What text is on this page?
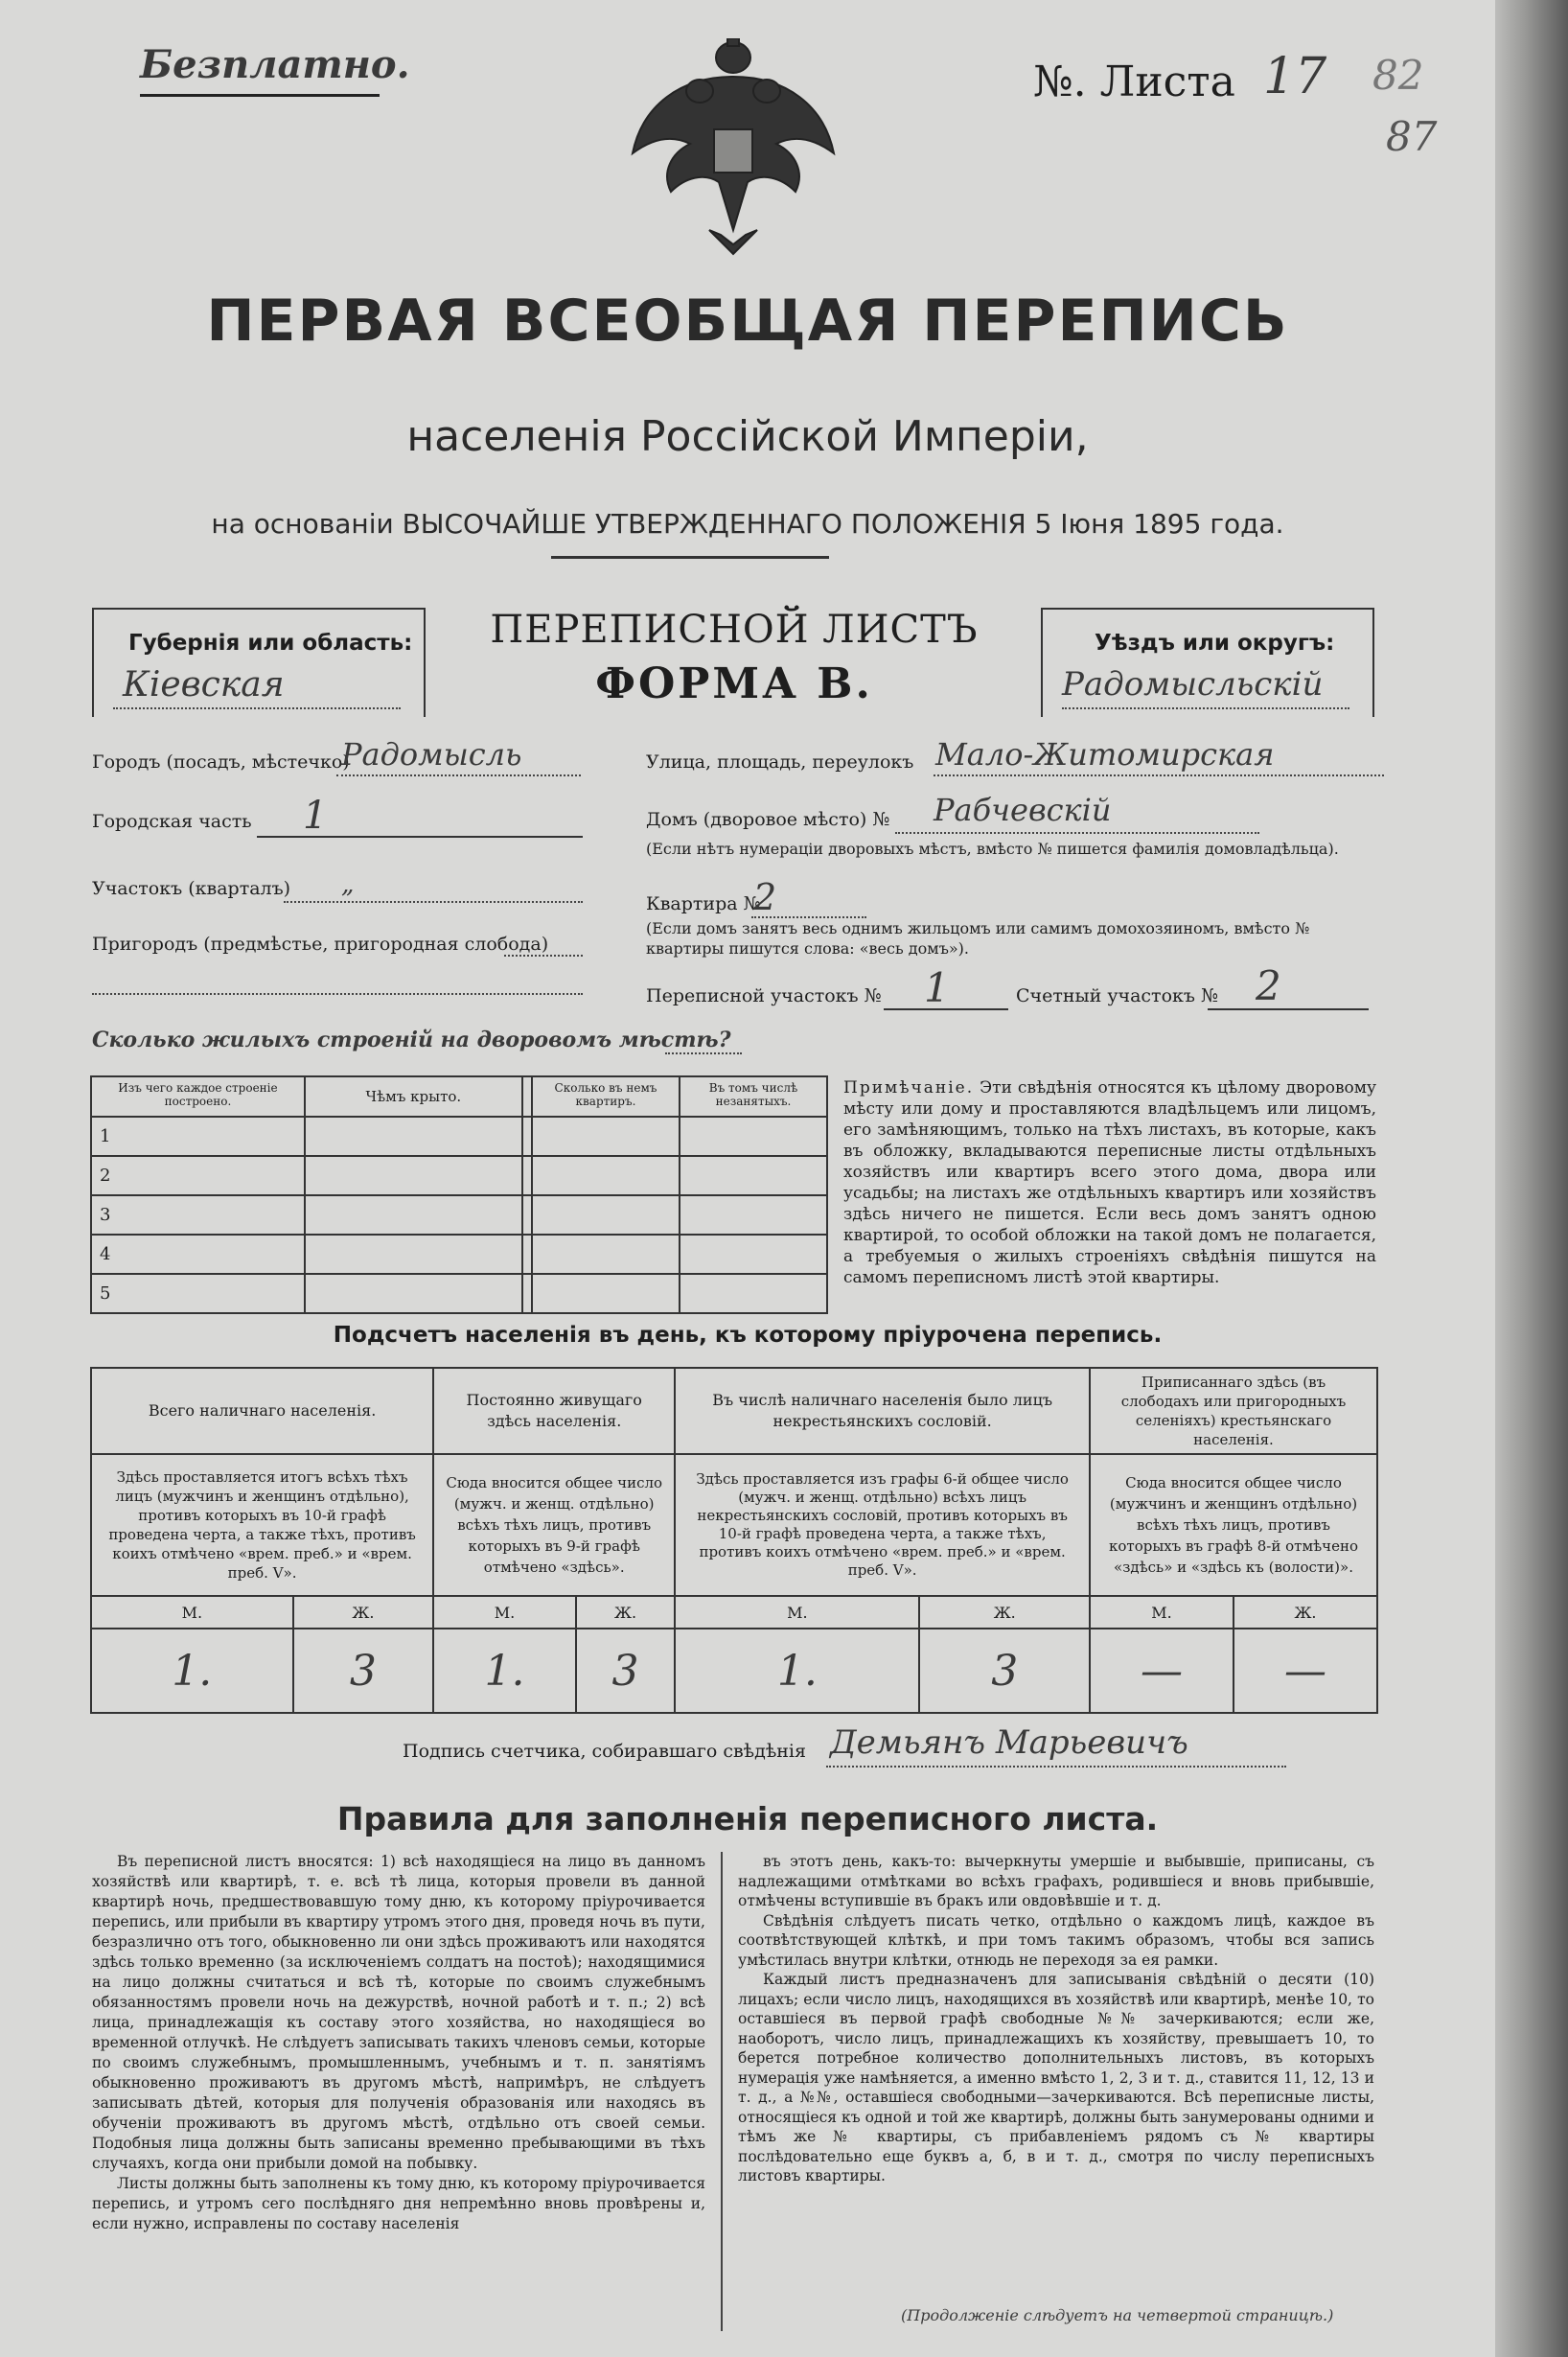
Безплатно.	№. Листа 17 82
87
ПЕРВАЯ ВСЕОБЩАЯ ПЕРЕПИСЬ
населенія Россійской Имперіи,
на основаніи ВЫСОЧАЙШЕ УТВЕРЖДЕННАГО ПОЛОЖЕНІЯ 5 Іюня 1895 года.
Губернія или область:
Кіевская
ПЕРЕПИСНОЙ ЛИСТЪ
ФОРМА В.
Уѣздъ или округъ:
Радомысльскій
Городъ (посадъ, мѣстечко)
Радомысль
Городская часть 1
Участокъ (кварталъ) „
Пригородъ (предмѣстье, пригородная слобода)
Улица, площадь, переулокъ Мало-Житомирская
Домъ (дворовое мѣсто) № Рабчевскій
(Если нѣтъ нумераціи дворовыхъ мѣстъ, вмѣсто № пишется фамилія домовладѣльца).
Квартира №
2
(Если домъ занятъ весь однимъ жильцомъ или самимъ домохозяиномъ, вмѣсто № квартиры пишутся слова: «весь домъ»).
Переписной участокъ № 1	Счетный участокъ № 2
Сколько жилыхъ строеній на дворовомъ мѣстѣ?
Изъ чего каждое строеніе построено.	Чѣмъ крыто.		Сколько въ немъ квартиръ.	Въ томъ числѣ незанятыхъ.
1				
2				
3				
4				
5				
Примѣчаніе. Эти свѣдѣнія относятся къ цѣлому дворовому мѣсту или дому и проставляются владѣльцемъ или лицомъ, его замѣняющимъ, только на тѣхъ листахъ, въ которые, какъ въ обложку, вкладываются переписные листы отдѣльныхъ хозяйствъ или квартиръ всего этого дома, двора или усадьбы; на листахъ же отдѣльныхъ квартиръ или хозяйствъ здѣсь ничего не пишется. Если весь домъ занятъ одною квартирой, то особой обложки на такой домъ не полагается, а требуемыя о жилыхъ строеніяхъ свѣдѣнія пишутся на самомъ переписномъ листѣ этой квартиры.
Подсчетъ населенія въ день, къ которому пріурочена перепись.
Всего наличнаго населенія.		Постоянно живущаго здѣсь населенія.		Въ числѣ наличнаго населенія было лицъ некрестьянскихъ сословій.		Приписаннаго здѣсь (въ слободахъ или пригородныхъ селеніяхъ) крестьянскаго населенія.	
Здѣсь проставляется итогъ всѣхъ тѣхъ лицъ (мужчинъ и женщинъ отдѣльно), противъ которыхъ въ 10-й графѣ проведена черта, а также тѣхъ, противъ коихъ отмѣчено «врем. преб.» и «врем. преб. V».		Сюда вносится общее число (мужч. и женщ. отдѣльно) всѣхъ тѣхъ лицъ, противъ которыхъ въ 9-й графѣ отмѣчено «здѣсь».		Здѣсь проставляется изъ графы 6-й общее число (мужч. и женщ. отдѣльно) всѣхъ лицъ некрестьянскихъ сословій, противъ которыхъ въ 10-й графѣ проведена черта, а также тѣхъ, противъ коихъ отмѣчено «врем. преб.» и «врем. преб. V».		Сюда вносится общее число (мужчинъ и женщинъ отдѣльно) всѣхъ тѣхъ лицъ, противъ которыхъ въ графѣ 8-й отмѣчено «здѣсь» и «здѣсь къ (волости)».	
М.	Ж.	М.	Ж.	М.	Ж.	М.	Ж.
1.	3	1.	3	1.	3	—	—
Подпись счетчика, собиравшаго свѣдѣнія Демьянъ Марьевичъ
Правила для заполненія переписного листа.

Въ переписной листъ вносятся: 1) всѣ находящіеся на лицо въ данномъ хозяйствѣ или квартирѣ, т. е. всѣ тѣ лица, которыя провели въ данной квартирѣ ночь, предшествовавшую тому дню, къ которому пріурочивается перепись, или прибыли въ квартиру утромъ этого дня, проведя ночь въ пути, безразлично отъ того, обыкновенно ли они здѣсь проживаютъ или находятся здѣсь только временно (за исключеніемъ солдатъ на постоѣ); находящимися на лицо должны считаться и всѣ тѣ, которые по своимъ служебнымъ обязанностямъ провели ночь на дежурствѣ, ночной работѣ и т. п.; 2) всѣ лица, принадлежащія къ составу этого хозяйства, но находящіеся во временной отлучкѣ. Не слѣдуетъ записывать такихъ членовъ семьи, которые по своимъ служебнымъ, промышленнымъ, учебнымъ и т. п. занятіямъ обыкновенно проживаютъ въ другомъ мѣстѣ, напримѣръ, не слѣдуетъ записывать дѣтей, которыя для полученія образованія или находясь въ обученіи проживаютъ въ другомъ мѣстѣ, отдѣльно отъ своей семьи. Подобныя лица должны быть записаны временно пребывающими въ тѣхъ случаяхъ, когда они прибыли домой на побывку.

Листы должны быть заполнены къ тому дню, къ которому пріурочивается перепись, и утромъ сего послѣдняго дня непремѣнно вновь провѣрены и, если нужно, исправлены по составу населенія

въ этотъ день, какъ-то: вычеркнуты умершіе и выбывшіе, приписаны, съ надлежащими отмѣтками во всѣхъ графахъ, родившіеся и вновь прибывшіе, отмѣчены вступившіе въ бракъ или овдовѣвшіе и т. д.

Свѣдѣнія слѣдуетъ писать четко, отдѣльно о каждомъ лицѣ, каждое въ соотвѣтствующей клѣткѣ, и при томъ такимъ образомъ, чтобы вся запись умѣстилась внутри клѣтки, отнюдь не переходя за ея рамки.

Каждый листъ предназначенъ для записыванія свѣдѣній о десяти (10) лицахъ; если число лицъ, находящихся въ хозяйствѣ или квартирѣ, менѣе 10, то оставшіеся въ первой графѣ свободные №№ зачеркиваются; если же, наоборотъ, число лицъ, принадлежащихъ къ хозяйству, превышаетъ 10, то берется потребное количество дополнительныхъ листовъ, въ которыхъ нумерація уже намѣняется, а именно вмѣсто 1, 2, 3 и т. д., ставится 11, 12, 13 и т. д., а №№, оставшіеся свободными—зачеркиваются. Всѣ переписные листы, относящіеся къ одной и той же квартирѣ, должны быть занумерованы одними и тѣмъ же № квартиры, съ прибавленіемъ рядомъ съ № квартиры послѣдовательно еще буквъ а, б, в и т. д., смотря по числу переписныхъ листовъ квартиры.

(Продолженіе слѣдуетъ на четвертой страницѣ.)
